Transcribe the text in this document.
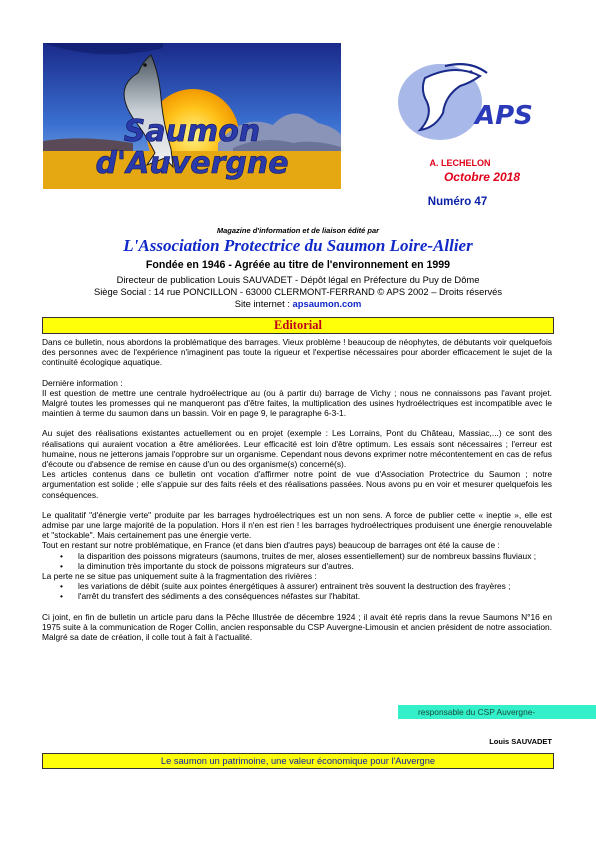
Saumon
d'Auvergne
APS
A. LECHELON
Octobre 2018
Numéro 47
Magazine d'information et de liaison édité par
L'Association Protectrice du Saumon Loire-Allier
Fondée en 1946 - Agréée au titre de l'environnement en 1999
Directeur de publication Louis SAUVADET - Dépôt légal en Préfecture du Puy de Dôme
Siège Social : 14 rue PONCILLON - 63000 CLERMONT-FERRAND © APS 2002 – Droits réservés
Site internet : apsaumon.com
Editorial

Dans ce bulletin, nous abordons la problématique des barrages. Vieux problème ! beaucoup de néophytes, de débutants voir quelquefois des personnes avec de l'expérience n'imaginent pas toute la rigueur et l'expertise nécessaires pour aborder efficacement le sujet de la continuité écologique aquatique.

Dernière information :

Il est question de mettre une centrale hydroélectrique au (ou à partir du) barrage de Vichy ; nous ne connaissons pas l'avant projet. Malgré toutes les promesses qui ne manqueront pas d'être faites, la multiplication des usines hydroélectriques est incompatible avec le maintien à terme du saumon dans un bassin. Voir en page 9, le paragraphe 6-3-1.

Au sujet des réalisations existantes actuellement ou en projet (exemple : Les Lorrains, Pont du Château, Massiac,...) ce sont des réalisations qui auraient vocation a être améliorées. Leur efficacité est loin d'être optimum. Les essais sont nécessaires ; l'erreur est humaine, nous ne jetterons jamais l'opprobre sur un organisme. Cependant nous devons exprimer notre mécontentement en cas de refus d'écoute ou d'absence de remise en cause d'un ou des organisme(s) concerné(s).

Les articles contenus dans ce bulletin ont vocation d'affirmer notre point de vue d'Association Protectrice du Saumon ; notre argumentation est solide ; elle s'appuie sur des faits réels et des réalisations passées. Nous avons pu en voir et mesurer quelquefois les conséquences.

Le qualitatif "d'énergie verte" produite par les barrages hydroélectriques est un non sens. A force de publier cette « ineptie », elle est admise par une large majorité de la population. Hors il n'en est rien ! les barrages hydroélectriques produisent une énergie renouvelable et "stockable". Mais certainement pas une énergie verte.

Tout en restant sur notre problématique, en France (et dans bien d'autres pays) beaucoup de barrages ont été la cause de :

•	la disparition des poissons migrateurs (saumons, truites de mer, aloses essentiellement) sur de nombreux bassins fluviaux ;
•	la diminution très importante du stock de poissons migrateurs sur d'autres.

La perte ne se situe pas uniquement suite à la fragmentation des rivières :

•	les variations de débit (suite aux pointes énergétiques à assurer) entrainent très souvent la destruction des frayères ;
•	l'arrêt du transfert des sédiments a des conséquences néfastes sur l'habitat.

Ci joint, en fin de bulletin un article paru dans la Pêche Illustrée de décembre 1924 ; il avait été repris dans la revue Saumons N°16 en 1975 suite à la communication de Roger Collin, ancien responsable du CSP Auvergne-Limousin et ancien président de notre association. Malgré sa date de création, il colle tout à fait à l'actualité.

responsable du CSP Auvergne-
Louis SAUVADET
Le saumon un patrimoine, une valeur économique pour l'Auvergne
